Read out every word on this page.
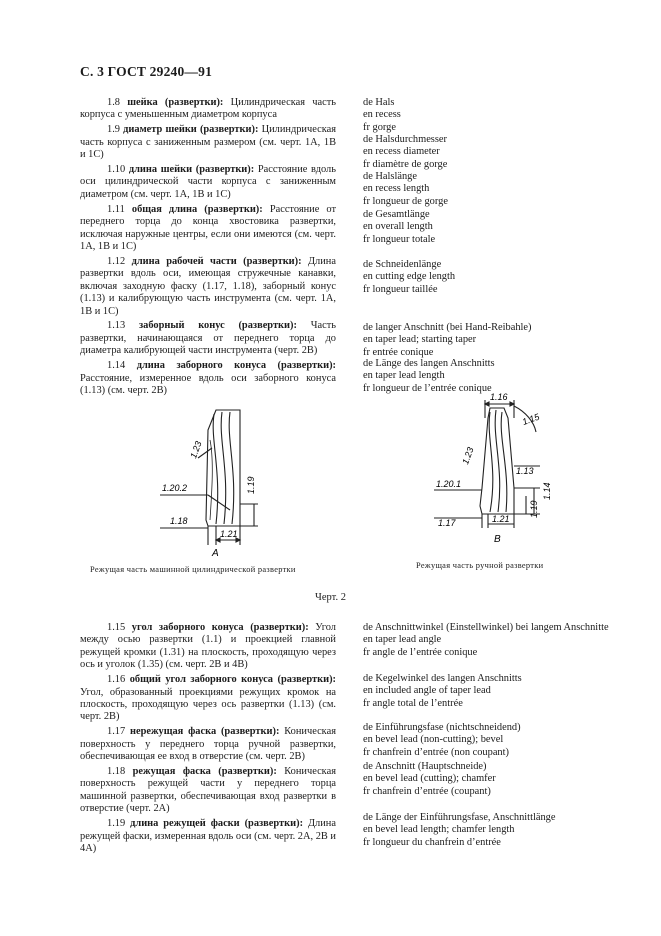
С. 3 ГОСТ 29240—91

1.8 шейка (развертки): Цилиндрическая часть корпуса с уменьшенным диаметром корпуса

1.9 диаметр шейки (развертки): Цилиндрическая часть корпуса с заниженным размером (см. черт. 1А, 1В и 1С)

1.10 длина шейки (развертки): Расстояние вдоль оси цилиндрической части корпуса с заниженным диаметром (см. черт. 1А, 1В и 1С)

1.11 общая длина (развертки): Расстояние от переднего торца до конца хвостовика развертки, исключая наружные центры, если они имеются (см. черт. 1А, 1В и 1С)

1.12 длина рабочей части (развертки): Длина развертки вдоль оси, имеющая стружечные канавки, включая заходную фаску (1.17, 1.18), заборный конус (1.13) и калибрующую часть инструмента (см. черт. 1А, 1В и 1С)

1.13 заборный конус (развертки): Часть развертки, начинающаяся от переднего торца до диаметра калибрующей части инструмента (черт. 2В)

1.14 длина заборного конуса (развертки): Расстояние, измеренное вдоль оси заборного конуса (1.13) (см. черт. 2В)

de Hals
en recess
fr gorge
de Halsdurchmesser
en recess diameter
fr diamètre de gorge
de Halslänge
en recess length
fr longueur de gorge
de Gesamtlänge
en overall length
fr longueur totale
de Schneidenlänge
en cutting edge length
fr longueur taillée
de langer Anschnitt (bei Hand-Reibahle)
en taper lead; starting taper
fr entrée conique
de Länge des langen Anschnitts
en taper lead length
fr longueur de l’entrée conique
1.23
1.20.2	1.19
1.18
1.21
A
1.16
1.15
1.23
1.13
1.20.1	1.14
1.17	1.21
1.19
B
Режущая часть машинной цилиндрической развертки	Режущая часть ручной развертки
Черт. 2

1.15 угол заборного конуса (развертки): Угол между осью развертки (1.1) и проекцией главной режущей кромки (1.31) на плоскость, проходящую через ось и уголок (1.35) (см. черт. 2В и 4В)

1.16 общий угол заборного конуса (развертки): Угол, образованный проекциями режущих кромок на плоскость, проходящую через ось развертки (1.13) (см. черт. 2В)

1.17 нережущая фаска (развертки): Коническая поверхность у переднего торца ручной развертки, обеспечивающая ее вход в отверстие (см. черт. 2В)

1.18 режущая фаска (развертки): Коническая поверхность режущей части у переднего торца машинной развертки, обеспечивающая вход развертки в отверстие (черт. 2А)

1.19 длина режущей фаски (развертки): Длина режущей фаски, измеренная вдоль оси (см. черт. 2А, 2В и 4А)

de Anschnittwinkel (Einstellwinkel) bei langem Anschnitte
en taper lead angle
fr angle de l’entrée conique
de Kegelwinkel des langen Anschnitts
en included angle of taper lead
fr angle total de l’entrée
de Einführungsfase (nichtschneidend)
en bevel lead (non-cutting); bevel
fr chanfrein d’entrée (non coupant)
de Anschnitt (Hauptschneide)
en bevel lead (cutting); chamfer
fr chanfrein d’entrée (coupant)
de Länge der Einführungsfase, Anschnittlänge
en bevel lead length; chamfer length
fr longueur du chanfrein d’entrée
